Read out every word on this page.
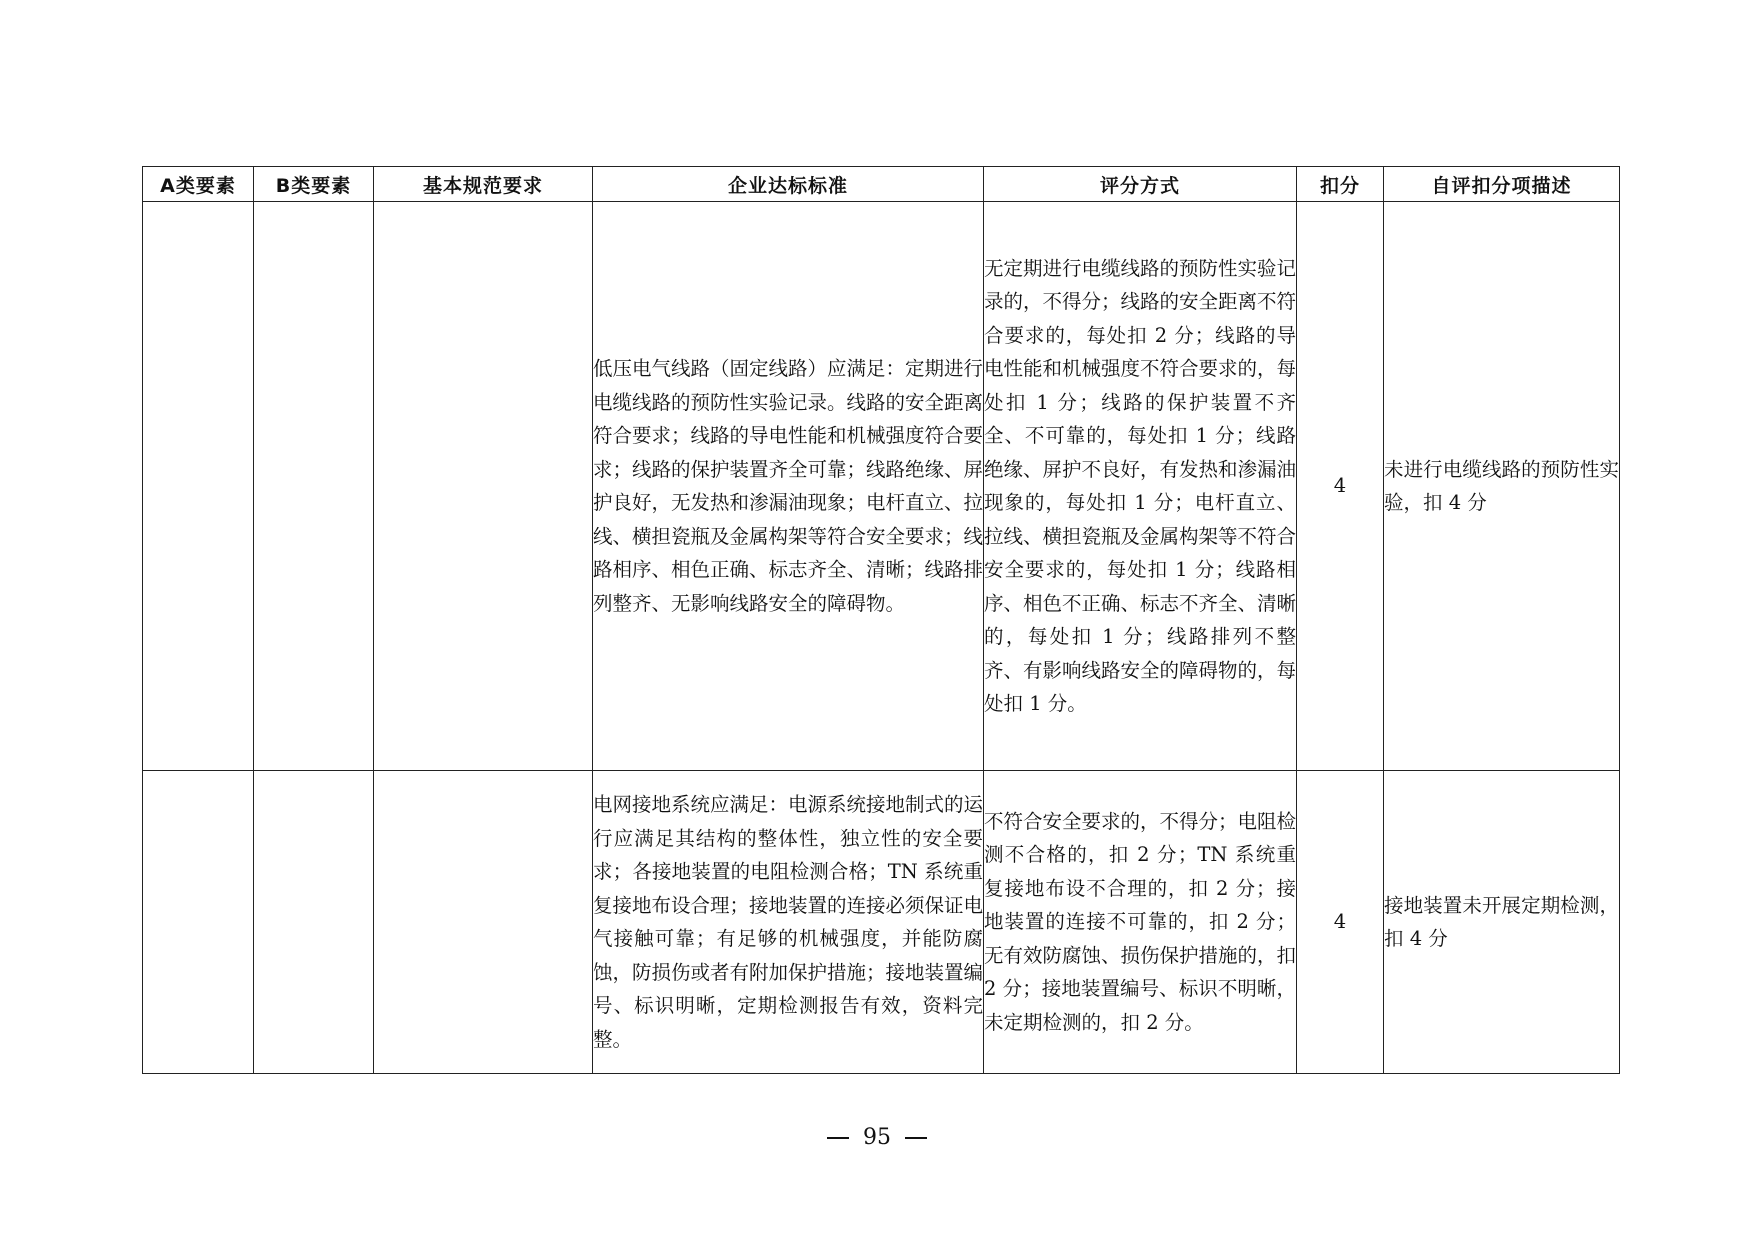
A类要素	B类要素	基本规范要求	企业达标标准	评分方式	扣分	自评扣分项描述
			低压电气线路（固定线路）应满足：定期进行电缆线路的预防性实验记录。线路的安全距离符合要求；线路的导电性能和机械强度符合要求；线路的保护装置齐全可靠；线路绝缘、屏护良好，无发热和渗漏油现象；电杆直立、拉线、横担瓷瓶及金属构架等符合安全要求；线路相序、相色正确、标志齐全、清晰；线路排列整齐、无影响线路安全的障碍物。	无定期进行电缆线路的预防性实验记录的，不得分；线路的安全距离不符合要求的，每处扣 2 分；线路的导电性能和机械强度不符合要求的，每处扣 1 分；线路的保护装置不齐全、不可靠的，每处扣 1 分；线路绝缘、屏护不良好，有发热和渗漏油现象的，每处扣 1 分；电杆直立、拉线、横担瓷瓶及金属构架等不符合安全要求的，每处扣 1 分；线路相序、相色不正确、标志不齐全、清晰的，每处扣 1 分；线路排列不整齐、有影响线路安全的障碍物的，每处扣 1 分。	4	未进行电缆线路的预防性实验，扣 4 分
			电网接地系统应满足：电源系统接地制式的运行应满足其结构的整体性，独立性的安全要求；各接地装置的电阻检测合格；TN 系统重复接地布设合理；接地装置的连接必须保证电气接触可靠；有足够的机械强度，并能防腐蚀，防损伤或者有附加保护措施；接地装置编号、标识明晰，定期检测报告有效，资料完整。	不符合安全要求的，不得分；电阻检测不合格的，扣 2 分；TN 系统重复接地布设不合理的，扣 2 分；接地装置的连接不可靠的，扣 2 分；无有效防腐蚀、损伤保护措施的，扣 2 分；接地装置编号、标识不明晰，未定期检测的，扣 2 分。	4	接地装置未开展定期检测，扣 4 分
95
